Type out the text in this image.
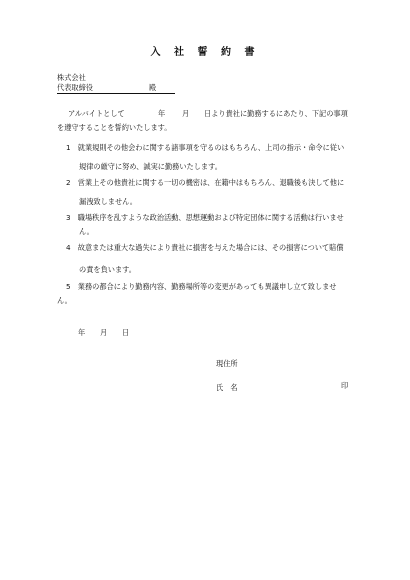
入 社 誓 約 書
株式会社
代表取締役	殿
アルバイトとして	年 月 日より貴社に勤務するにあたり、下記の事項
を遵守することを誓約いたします。
1　就業規則その他会わに関する諸事項を守るのはもちろん、上司の指示・命令に従い
規律の厳守に努め、誠実に勤務いたします。
2　営業上その他貴社に関する一切の機密は、在籍中はもちろん、退職後も決して他に
漏洩致しません。
3　職場秩序を乱すような政治活動、思想運動および特定団体に関する活動は行いませ
ん。
4　故意または重大な過失により貴社に損害を与えた場合には、その損害について賠償
の責を負います。
5　業務の都合により勤務内容、勤務場所等の変更があっても異議申し立て致しませ
ん。
年 月 日
現住所
氏　名	印
